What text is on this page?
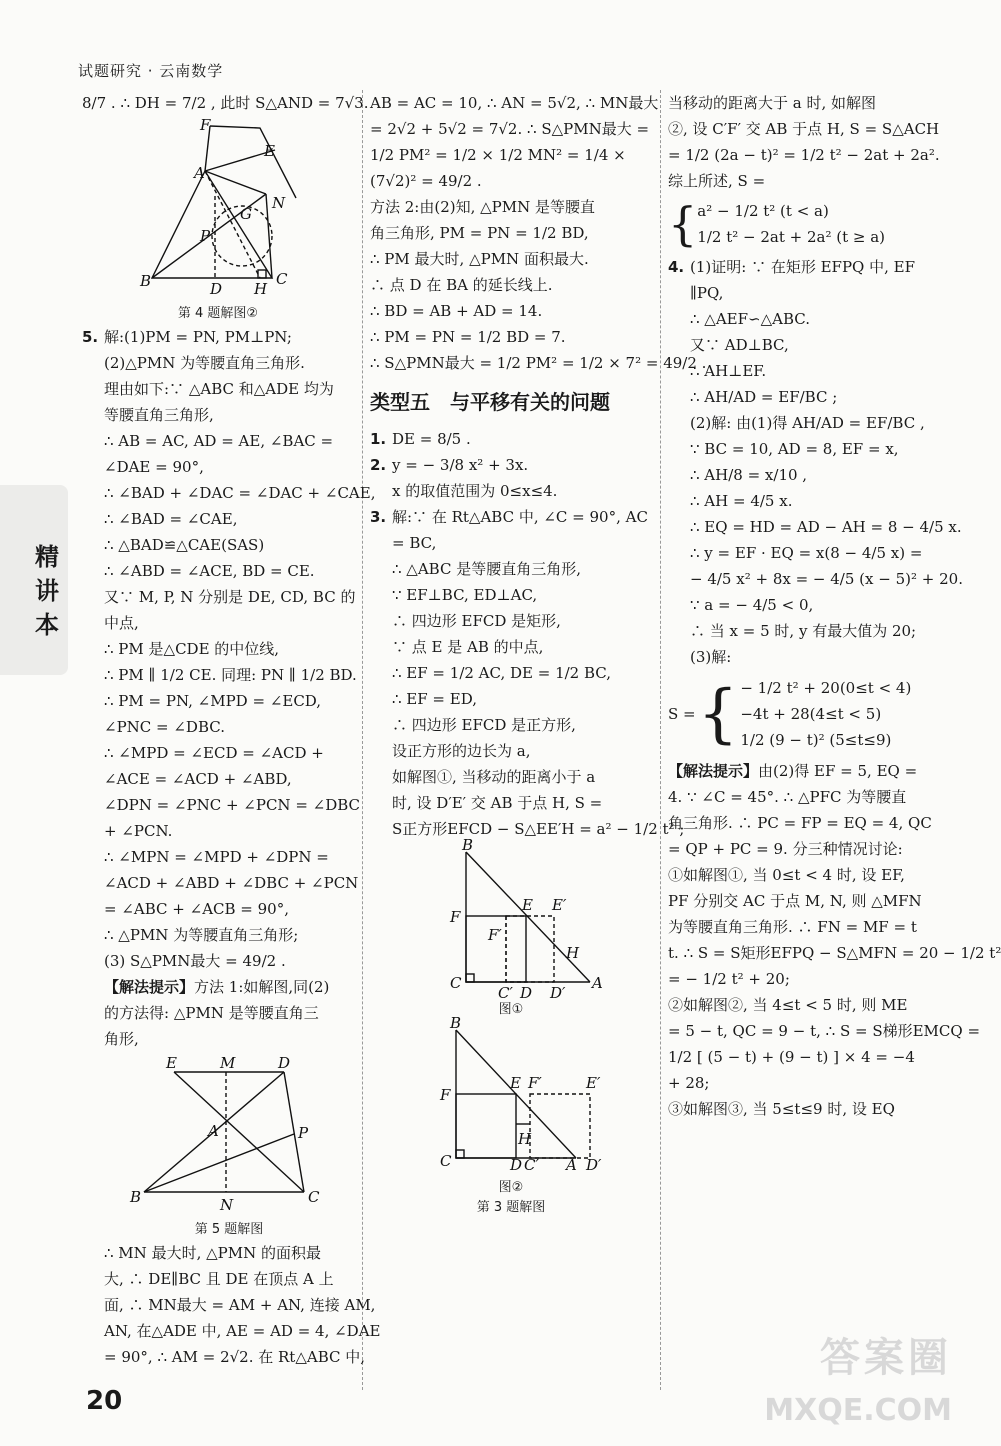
试题研究 · 云南数学
精讲本
8/7 . ∴ DH = 7/2 , 此时 S△AND = 7√3.
F
E
A
G
N
P
B	D H
C
第 4 题解图②
5. 解:(1)PM = PN, PM⊥PN;
(2)△PMN 为等腰直角三角形.
理由如下:∵ △ABC 和△ADE 均为
等腰直角三角形,
∴ AB = AC, AD = AE, ∠BAC =
∠DAE = 90°,
∴ ∠BAD + ∠DAC = ∠DAC + ∠CAE,
∴ ∠BAD = ∠CAE,
∴ △BAD≌△CAE(SAS)
∴ ∠ABD = ∠ACE, BD = CE.
又∵ M, P, N 分别是 DE, CD, BC 的
中点,
∴ PM 是△CDE 的中位线,
∴ PM ∥ 1/2 CE. 同理: PN ∥ 1/2 BD.
∴ PM = PN, ∠MPD = ∠ECD,
∠PNC = ∠DBC.
∴ ∠MPD = ∠ECD = ∠ACD +
∠ACE = ∠ACD + ∠ABD,
∠DPN = ∠PNC + ∠PCN = ∠DBC
+ ∠PCN.
∴ ∠MPN = ∠MPD + ∠DPN =
∠ACD + ∠ABD + ∠DBC + ∠PCN
= ∠ABC + ∠ACB = 90°,
∴ △PMN 为等腰直角三角形;
(3) S△PMN最大 = 49/2 .
【解法提示】方法 1:如解图,同(2)
的方法得: △PMN 是等腰直角三
角形,
E	M	D
A	P
B	N	C
第 5 题解图
∴ MN 最大时, △PMN 的面积最
大, ∴ DE∥BC 且 DE 在顶点 A 上
面, ∴ MN最大 = AM + AN, 连接 AM,
AN, 在△ADE 中, AE = AD = 4, ∠DAE
= 90°, ∴ AM = 2√2. 在 Rt△ABC 中,
AB = AC = 10, ∴ AN = 5√2, ∴ MN最大
= 2√2 + 5√2 = 7√2. ∴ S△PMN最大 =
1/2 PM² = 1/2 × 1/2 MN² = 1/4 ×
(7√2)² = 49/2 .
方法 2:由(2)知, △PMN 是等腰直
角三角形, PM = PN = 1/2 BD,
∴ PM 最大时, △PMN 面积最大.
∴ 点 D 在 BA 的延长线上.
∴ BD = AB + AD = 14.
∴ PM = PN = 1/2 BD = 7.
∴ S△PMN最大 = 1/2 PM² = 1/2 × 7² = 49/2 .
类型五　与平移有关的问题
1. DE = 8/5 .
2. y = − 3/8 x² + 3x.
x 的取值范围为 0≤x≤4.
3. 解:∵ 在 Rt△ABC 中, ∠C = 90°, AC
= BC,
∴ △ABC 是等腰直角三角形,
∵ EF⊥BC, ED⊥AC,
∴ 四边形 EFCD 是矩形,
∵ 点 E 是 AB 的中点,
∴ EF = 1/2 AC, DE = 1/2 BC,
∴ EF = ED,
∴ 四边形 EFCD 是正方形,
设正方形的边长为 a,
如解图①, 当移动的距离小于 a
时, 设 D′E′ 交 AB 于点 H, S =
S正方形EFCD − S△EE′H = a² − 1/2 t² ;
B
F
E E′
F′
H
C
C′ D D′
A
图①
B
F
E F′	E′
H
C	D C′ A D′
图②
第 3 题解图
当移动的距离大于 a 时, 如解图
②, 设 C′F′ 交 AB 于点 H, S = S△ACH
= 1/2 (2a − t)² = 1/2 t² − 2at + 2a².
综上所述, S =
{ a² − 1/2 t² (t < a)
1/2 t² − 2at + 2a² (t ≥ a)
4. (1)证明: ∵ 在矩形 EFPQ 中, EF
∥PQ,
∴ △AEF∽△ABC.
又∵ AD⊥BC,
∴ AH⊥EF.
∴ AH/AD = EF/BC ;
(2)解: 由(1)得 AH/AD = EF/BC ,
∵ BC = 10, AD = 8, EF = x,
∴ AH/8 = x/10 ,
∴ AH = 4/5 x.
∴ EQ = HD = AD − AH = 8 − 4/5 x.
∴ y = EF · EQ = x(8 − 4/5 x) =
− 4/5 x² + 8x = − 4/5 (x − 5)² + 20.
∵ a = − 4/5 < 0,
∴ 当 x = 5 时, y 有最大值为 20;
(3)解:
S = { − 1/2 t² + 20(0≤t < 4)
−4t + 28(4≤t < 5)
1/2 (9 − t)² (5≤t≤9)
【解法提示】由(2)得 EF = 5, EQ =
4. ∵ ∠C = 45°. ∴ △PFC 为等腰直
角三角形. ∴ PC = FP = EQ = 4, QC
= QP + PC = 9. 分三种情况讨论:
①如解图①, 当 0≤t < 4 时, 设 EF,
PF 分别交 AC 于点 M, N, 则 △MFN
为等腰直角三角形. ∴ FN = MF = t
t. ∴ S = S矩形EFPQ − S△MFN = 20 − 1/2 t²
= − 1/2 t² + 20;
②如解图②, 当 4≤t < 5 时, 则 ME
= 5 − t, QC = 9 − t, ∴ S = S梯形EMCQ =
1/2 [ (5 − t) + (9 − t) ] × 4 = −4
+ 28;
③如解图③, 当 5≤t≤9 时, 设 EQ
20
答案圈
MXQE.COM
